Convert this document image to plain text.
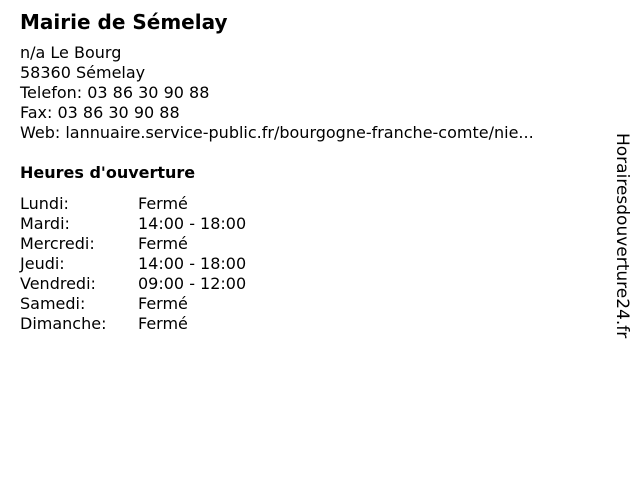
Mairie de Sémelay
n/a Le Bourg
58360 Sémelay
Telefon: 03 86 30 90 88
Fax: 03 86 30 90 88
Web: lannuaire.service-public.fr/bourgogne-franche-comte/nie...
Heures d'ouverture
Lundi:	Fermé
Mardi:	14:00 - 18:00
Mercredi:	Fermé
Jeudi:	14:00 - 18:00
Vendredi:	09:00 - 12:00
Samedi:	Fermé
Dimanche:	Fermé	Horairesdouverture24.fr
